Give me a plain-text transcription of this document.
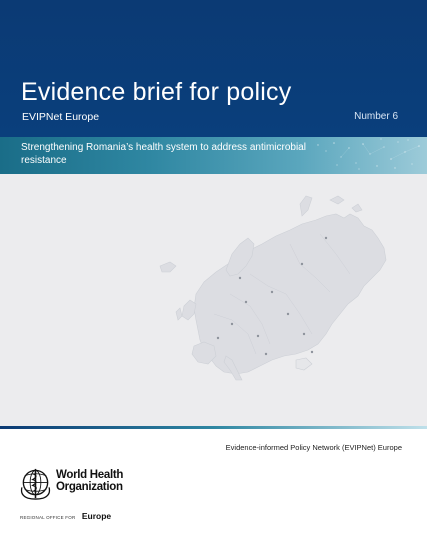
Evidence brief for policy
EVIPNet Europe	Number 6
Strengthening Romania’s health system to address antimicrobial resistance
Evidence-informed Policy Network (EVIPNet) Europe
World Health
Organization
REGIONAL OFFICE FOR Europe
